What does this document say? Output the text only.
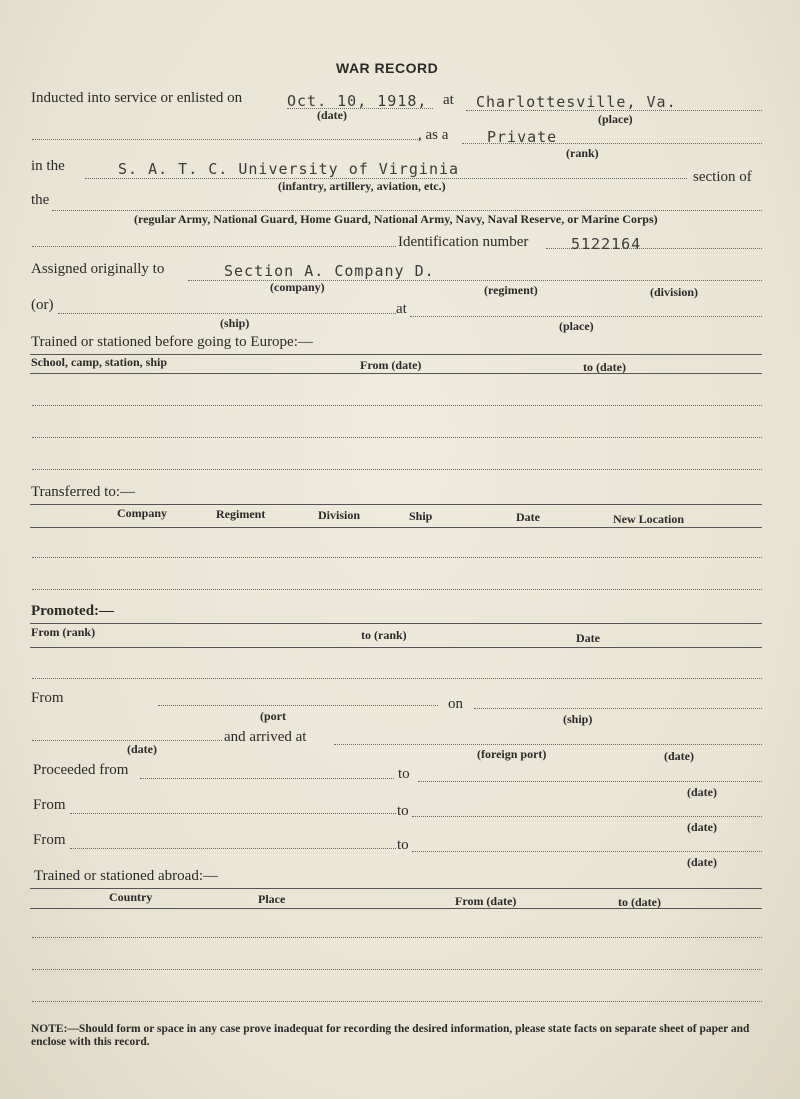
WAR RECORD
Inducted into service or enlisted on	Oct. 10, 1918, at Charlottesville, Va.
(date)	(place)
, as a	Private
(rank)
in the	S. A. T. C. University of Virginia	section of
(infantry, artillery, aviation, etc.)
the
(regular Army, National Guard, Home Guard, National Army, Navy, Naval Reserve, or Marine Corps)
Identification number	5122164
Assigned originally to	Section A. Company D.
(company)	(regiment)	(division)
(or)	at
(ship)	(place)
Trained or stationed before going to Europe:—
School, camp, station, ship	From (date)	to (date)
Transferred to:—
Company	Regiment	Division	Ship	Date	New Location
Promoted:—
From (rank)	to (rank)	Date
From	on
(port	(ship)
and arrived at
(date)	(foreign port)	(date)
Proceeded from	to
(date)
From	to
(date)
From	to
(date)
Trained or stationed abroad:—
Country	Place	From (date)	to (date)
NOTE:—Should form or space in any case prove inadequat for recording the desired information, please state facts on separate sheet of paper and enclose with this record.
